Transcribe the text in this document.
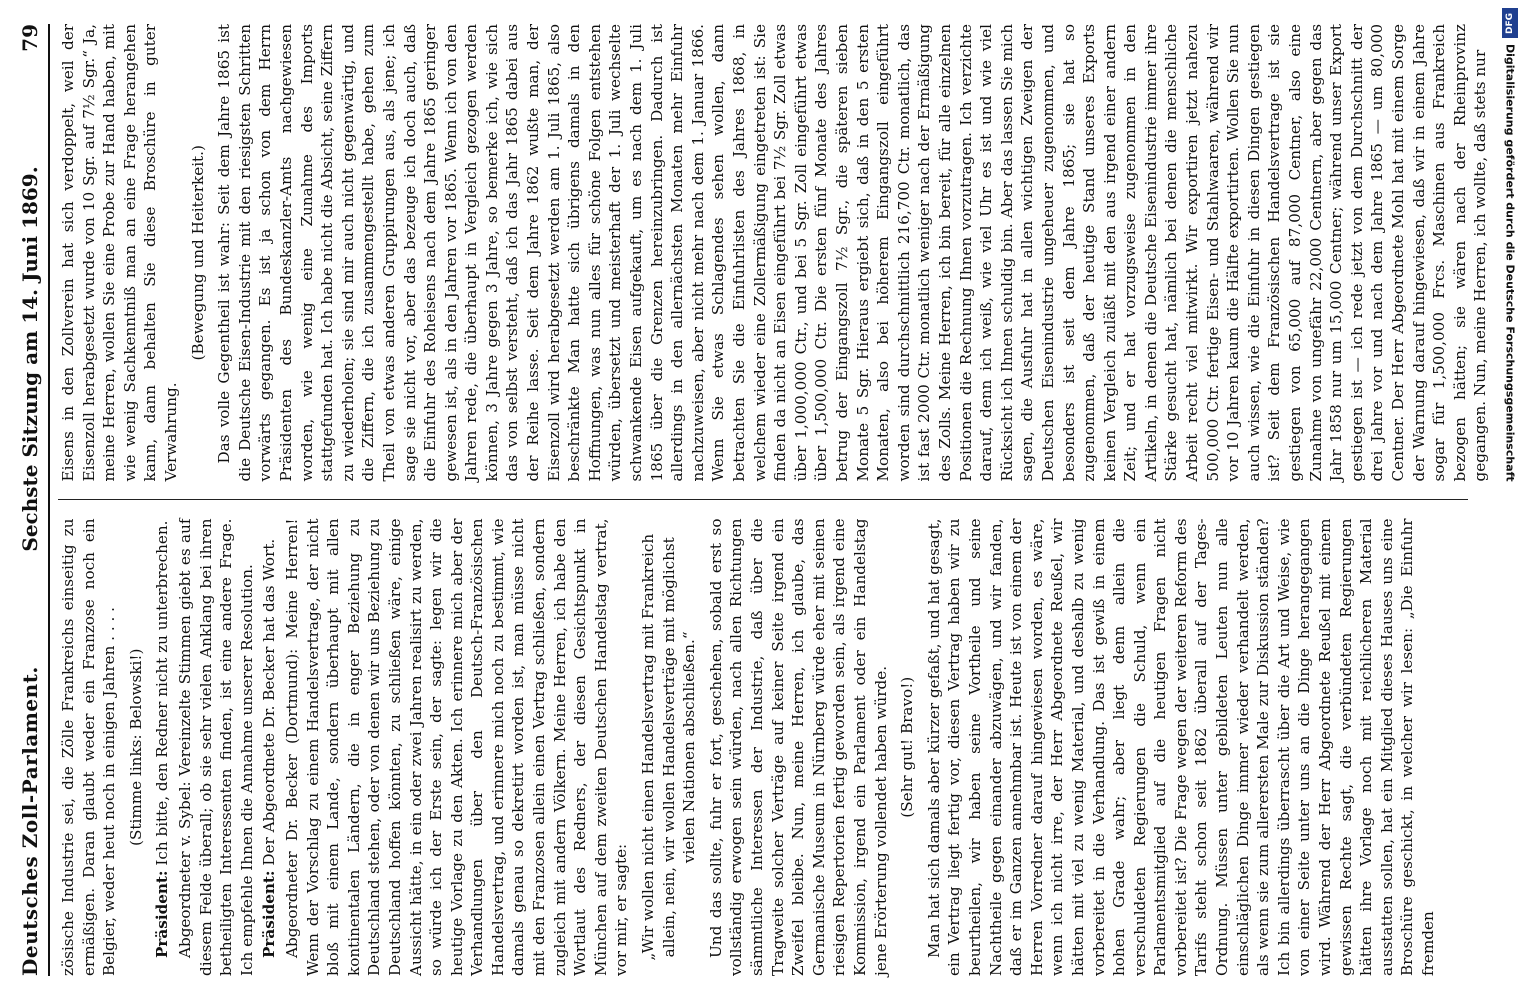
Deutsches Zoll-Parlament.
Sechste Sitzung am 14. Juni 1869.
79

zösische Industrie sei, die Zölle Frankreichs einseitig zu ermäßigen. Daran glaubt weder ein Franzose noch ein Belgier, weder heut noch in einigen Jahren . . . . (Stimme links: Belowski!)

Präsident: Ich bitte, den Redner nicht zu unterbrechen. Abgeordneter v. Sybel: Vereinzelte Stimmen giebt es auf diesem Felde überall; ob sie sehr vielen Anklang bei ihren betheiligten Interessenten finden, ist eine andere Frage. Ich empfehle Ihnen die Annahme unserer Resolution. Präsident: Der Abgeordnete Dr. Becker hat das Wort. Abgeordneter Dr. Becker (Dortmund): Meine Herren! Wenn der Vorschlag zu einem Handelsvertrage, der nicht bloß mit einem Lande, sondern überhaupt mit allen kontinentalen Ländern, die in enger Beziehung zu Deutschland stehen, oder von denen wir uns Beziehung zu Deutschland hoffen könnten, zu schließen wäre, einige Aussicht hätte, in ein oder zwei Jahren realisirt zu werden, so würde ich der Erste sein, der sagte: legen wir die heutige Vorlage zu den Akten. Ich erinnere mich aber der Verhandlungen über den Deutsch-Französischen Handelsvertrag, und erinnere mich noch zu bestimmt, wie damals genau so dekretirt worden ist, man müsse nicht mit den Franzosen allein einen Vertrag schließen, sondern zugleich mit andern Völkern. Meine Herren, ich habe den Wortlaut des Redners, der diesen Gesichtspunkt in München auf dem zweiten Deutschen Handelstag vertrat, vor mir, er sagte: „Wir wollen nicht einen Handelsvertrag mit Frankreich allein, nein, wir wollen Handelsverträge mit möglichst vielen Nationen abschließen.“ Und das sollte, fuhr er fort, geschehen, sobald erst so vollständig erwogen sein würden, nach allen Richtungen sämmtliche Interessen der Industrie, daß über die Tragweite solcher Verträge auf keiner Seite irgend ein Zweifel bleibe. Nun, meine Herren, ich glaube, das Germanische Museum in Nürnberg würde eher mit seinen riesigen Repertorien fertig geworden sein, als irgend eine Kommission, irgend ein Parlament oder ein Handelstag jene Erörterung vollendet haben würde. (Sehr gut! Bravo!) Man hat sich damals aber kürzer gefaßt, und hat gesagt, ein Vertrag liegt fertig vor, diesen Vertrag haben wir zu beurtheilen, wir haben seine Vortheile und seine Nachtheile gegen einander abzuwägen, und wir fanden, daß er im Ganzen annehmbar ist. Heute ist von einem der Herren Vorredner darauf hingewiesen worden, es wäre, wenn ich nicht irre, der Herr Abgeordnete Reußel, wir hätten mit viel zu wenig Material, und deshalb zu wenig vorbereitet in die Verhandlung. Das ist gewiß in einem hohen Grade wahr; aber liegt denn allein die verschuldeten Regierungen die Schuld, wenn ein Parlamentsmitglied auf die heutigen Fragen nicht vorbereitet ist? Die Frage wegen der weiteren Reform des Tarifs steht schon seit 1862 überall auf der Tages-Ordnung. Müssen unter gebildeten Leuten nun alle einschläglichen Dinge immer wieder verhandelt werden, als wenn sie zum allerersten Male zur Diskussion ständen? Ich bin allerdings überrascht über die Art und Weise, wie von einer Seite unter uns an die Dinge herangegangen wird. Während der Herr Abgeordnete Reußel mit einem gewissen Rechte sagt, die verbündeten Regierungen hätten ihre Vorlage noch mit reichlicheren Material ausstatten sollen, hat ein Mitglied dieses Hauses uns eine Broschüre geschickt, in welcher wir lesen: „Die Einfuhr fremden

Eisens in den Zollverein hat sich verdoppelt, weil der Eisenzoll herabgesetzt wurde von 10 Sgr. auf 7½ Sgr.“ Ja, meine Herren, wollen Sie eine Probe zur Hand haben, mit wie wenig Sachkenntniß man an eine Frage herangehen kann, dann behalten Sie diese Broschüre in guter Verwahrung.

(Bewegung und Heiterkeit.) Das volle Gegentheil ist wahr: Seit dem Jahre 1865 ist die Deutsche Eisen-Industrie mit den riesigsten Schritten vorwärts gegangen. Es ist ja schon von dem Herrn Präsidenten des Bundeskanzler-Amts nachgewiesen worden, wie wenig eine Zunahme des Imports stattgefunden hat. Ich habe nicht die Absicht, seine Ziffern zu wiederholen; sie sind mir auch nicht gegenwärtig, und die Ziffern, die ich zusammengestellt habe, gehen zum Theil von etwas anderen Gruppirungen aus, als jene; ich sage sie nicht vor, aber das bezeuge ich doch auch, daß die Einfuhr des Roheisens nach dem Jahre 1865 geringer gewesen ist, als in den Jahren vor 1865. Wenn ich von den Jahren rede, die überhaupt in Vergleich gezogen werden können, 3 Jahre gegen 3 Jahre, so bemerke ich, wie sich das von selbst versteht, daß ich das Jahr 1865 dabei aus der Reihe lasse. Seit dem Jahre 1862 wußte man, der Eisenzoll wird herabgesetzt werden am 1. Juli 1865, also beschränkte Man hatte sich übrigens damals in den Hoffnungen, was nun alles für schöne Folgen entstehen würden, übersetzt und meisterhaft der 1. Juli wechselte schwankende Eisen aufgekauft, um es nach dem 1. Juli 1865 über die Grenzen hereinzubringen. Dadurch ist allerdings in den allernächsten Monaten mehr Einfuhr nachzuweisen, aber nicht mehr nach dem 1. Januar 1866. Wenn Sie etwas Schlagendes sehen wollen, dann betrachten Sie die Einfuhrlisten des Jahres 1868, in welchem wieder eine Zollermäßigung eingetreten ist: Sie finden da nicht an Eisen eingeführt bei 7½ Sgr. Zoll etwas über 1,000,000 Ctr., und bei 5 Sgr. Zoll eingeführt etwas über 1,500,000 Ctr. Die ersten fünf Monate des Jahres betrug der Eingangszoll 7½ Sgr., die späteren sieben Monate 5 Sgr. Hieraus ergiebt sich, daß in den 5 ersten Monaten, also bei höherem Eingangszoll eingeführt worden sind durchschnittlich 216,700 Ctr. monatlich, das ist fast 2000 Ctr. monatlich weniger nach der Ermäßigung des Zolls. Meine Herren, ich bin bereit, für alle einzelnen Positionen die Rechnung Ihnen vorzutragen. Ich verzichte darauf, denn ich weiß, wie viel Uhr es ist und wie viel Rücksicht ich Ihnen schuldig bin. Aber das lassen Sie mich sagen, die Ausfuhr hat in allen wichtigen Zweigen der Deutschen Eisenindustrie ungeheuer zugenommen, und besonders ist seit dem Jahre 1865; sie hat so zugenommen, daß der heutige Stand unseres Exports keinen Vergleich zuläßt mit den aus irgend einer andern Zeit; und er hat vorzugsweise zugenommen in den Artikeln, in denen die Deutsche Eisenindustrie immer ihre Stärke gesucht hat, nämlich bei denen die menschliche Arbeit recht viel mitwirkt. Wir exportiren jetzt nahezu 500,000 Ctr. fertige Eisen- und Stahlwaaren, während wir vor 10 Jahren kaum die Hälfte exportirten. Wollen Sie nun auch wissen, wie die Einfuhr in diesen Dingen gestiegen ist? Seit dem Französischen Handelsvertrage ist sie gestiegen von 65,000 auf 87,000 Centner, also eine Zunahme von ungefähr 22,000 Centnern, aber gegen das Jahr 1858 nur um 15,000 Centner; während unser Export gestiegen ist — ich rede jetzt von dem Durchschnitt der drei Jahre vor und nach dem Jahre 1865 — um 80,000 Centner. Der Herr Abgeordnete Mohl hat mit einem Sorge der Warnung darauf hingewiesen, daß wir in einem Jahre sogar für 1,500,000 Frcs. Maschinen aus Frankreich bezogen hätten; sie wären nach der Rheinprovinz gegangen. Nun, meine Herren, ich wollte, daß stets nur

DFG
Digitalisierung gefördert durch die Deutsche Forschungsgemeinschaft
